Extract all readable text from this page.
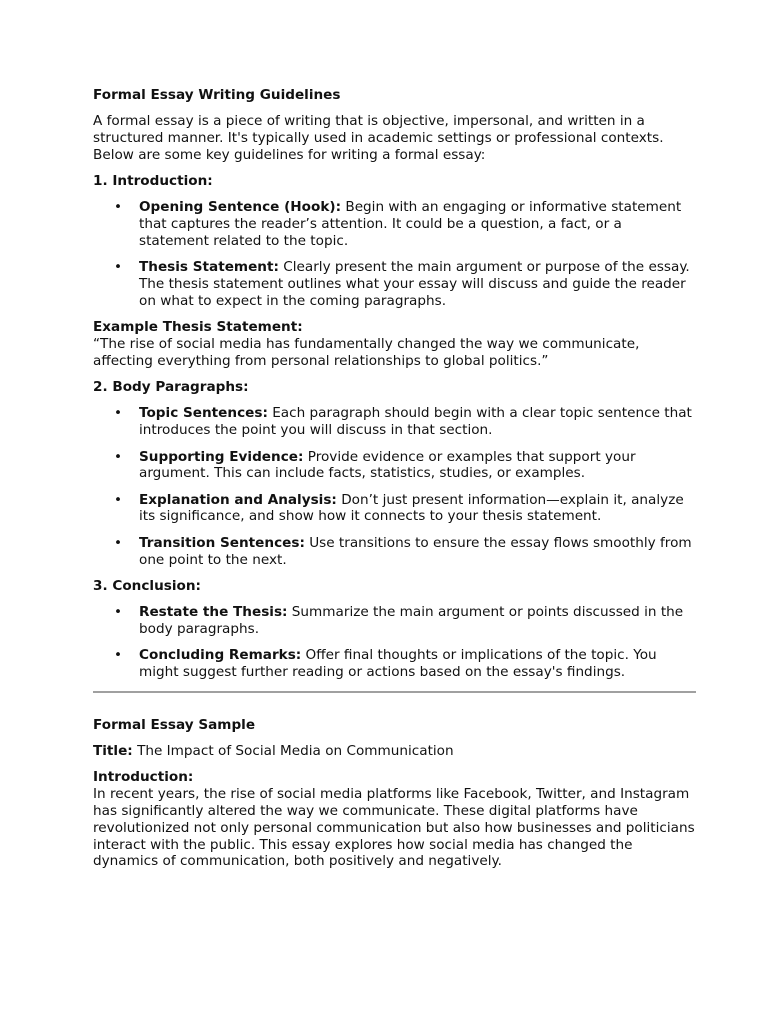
Formal Essay Writing Guidelines

A formal essay is a piece of writing that is objective, impersonal, and written in a structured manner. It's typically used in academic settings or professional contexts. Below are some key guidelines for writing a formal essay:

1. Introduction:

• Opening Sentence (Hook): Begin with an engaging or informative statement that captures the reader’s attention. It could be a question, a fact, or a statement related to the topic.
• Thesis Statement: Clearly present the main argument or purpose of the essay. The thesis statement outlines what your essay will discuss and guide the reader on what to expect in the coming paragraphs.
Example Thesis Statement:
“The rise of social media has fundamentally changed the way we communicate, affecting everything from personal relationships to global politics.”

2. Body Paragraphs:

• Topic Sentences: Each paragraph should begin with a clear topic sentence that introduces the point you will discuss in that section.
• Supporting Evidence: Provide evidence or examples that support your argument. This can include facts, statistics, studies, or examples.
• Explanation and Analysis: Don’t just present information—explain it, analyze its significance, and show how it connects to your thesis statement.
• Transition Sentences: Use transitions to ensure the essay flows smoothly from one point to the next.

3. Conclusion:

• Restate the Thesis: Summarize the main argument or points discussed in the body paragraphs.
• Concluding Remarks: Offer final thoughts or implications of the topic. You might suggest further reading or actions based on the essay's findings.

Formal Essay Sample

Title: The Impact of Social Media on Communication

Introduction:
In recent years, the rise of social media platforms like Facebook, Twitter, and Instagram has significantly altered the way we communicate. These digital platforms have revolutionized not only personal communication but also how businesses and politicians interact with the public. This essay explores how social media has changed the dynamics of communication, both positively and negatively.
